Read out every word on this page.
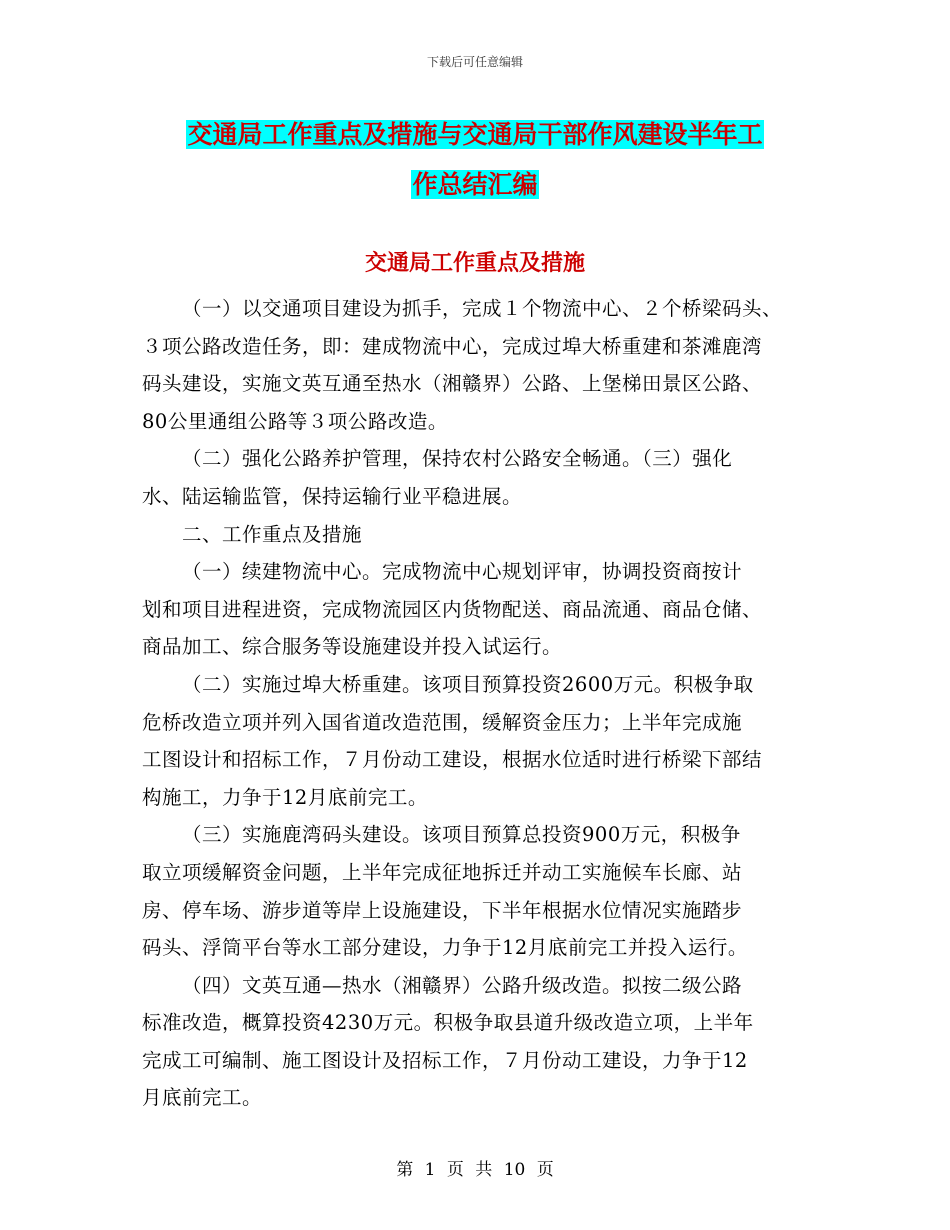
下载后可任意编辑
交通局工作重点及措施与交通局干部作风建设半年工
作总结汇编
交通局工作重点及措施
（一）以交通项目建设为抓手，完成１个物流中心、２个桥梁码头、
３项公路改造任务，即：建成物流中心，完成过埠大桥重建和茶滩鹿湾
码头建设，实施文英互通至热水（湘赣界）公路、上堡梯田景区公路、
80公里通组公路等３项公路改造。
（二）强化公路养护管理，保持农村公路安全畅通。（三）强化
水、陆运输监管，保持运输行业平稳进展。
二、工作重点及措施
（一）续建物流中心。完成物流中心规划评审，协调投资商按计
划和项目进程进资，完成物流园区内货物配送、商品流通、商品仓储、
商品加工、综合服务等设施建设并投入试运行。
（二）实施过埠大桥重建。该项目预算投资2600万元。积极争取
危桥改造立项并列入国省道改造范围，缓解资金压力；上半年完成施
工图设计和招标工作，７月份动工建设，根据水位适时进行桥梁下部结
构施工，力争于12月底前完工。
（三）实施鹿湾码头建设。该项目预算总投资900万元，积极争
取立项缓解资金问题，上半年完成征地拆迁并动工实施候车长廊、站
房、停车场、游步道等岸上设施建设，下半年根据水位情况实施踏步
码头、浮筒平台等水工部分建设，力争于12月底前完工并投入运行。
（四）文英互通—热水（湘赣界）公路升级改造。拟按二级公路
标准改造，概算投资4230万元。积极争取县道升级改造立项，上半年
完成工可编制、施工图设计及招标工作，７月份动工建设，力争于12
月底前完工。
第 1 页 共 10 页
